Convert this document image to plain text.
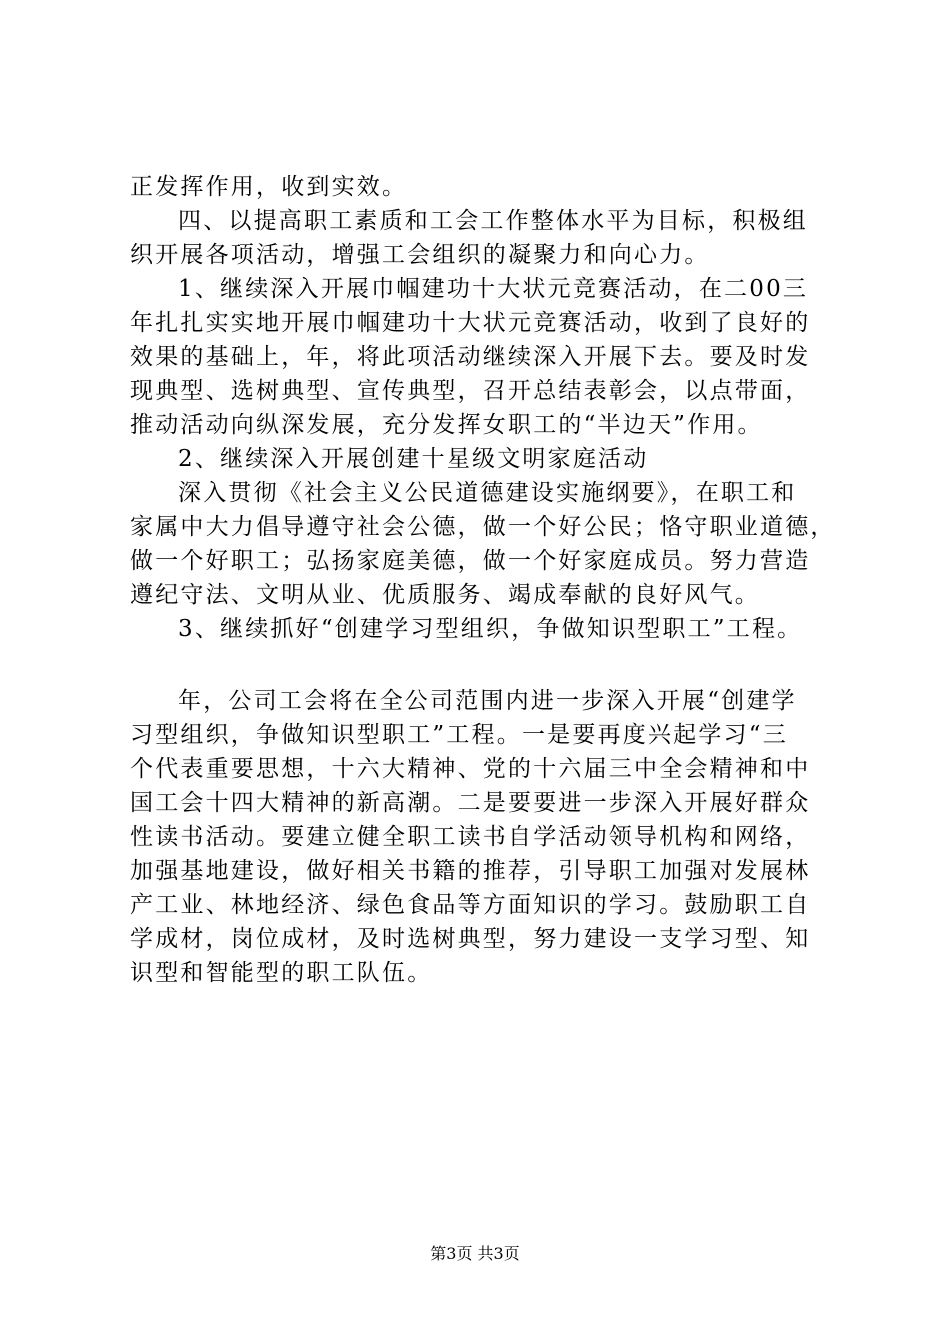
正发挥作用，收到实效。
四、以提高职工素质和工会工作整体水平为目标，积极组
织开展各项活动，增强工会组织的凝聚力和向心力。
1、继续深入开展巾帼建功十大状元竞赛活动，在二00三
年扎扎实实地开展巾帼建功十大状元竞赛活动，收到了良好的
效果的基础上，年，将此项活动继续深入开展下去。要及时发
现典型、选树典型、宣传典型，召开总结表彰会，以点带面，
推动活动向纵深发展，充分发挥女职工的“半边天”作用。
2、继续深入开展创建十星级文明家庭活动
深入贯彻《社会主义公民道德建设实施纲要》，在职工和
家属中大力倡导遵守社会公德，做一个好公民；恪守职业道德，
做一个好职工；弘扬家庭美德，做一个好家庭成员。努力营造
遵纪守法、文明从业、优质服务、竭成奉献的良好风气。
3、继续抓好“创建学习型组织，争做知识型职工”工程。
年，公司工会将在全公司范围内进一步深入开展“创建学
习型组织，争做知识型职工”工程。一是要再度兴起学习“三
个代表重要思想，十六大精神、党的十六届三中全会精神和中
国工会十四大精神的新高潮。二是要要进一步深入开展好群众
性读书活动。要建立健全职工读书自学活动领导机构和网络，
加强基地建设，做好相关书籍的推荐，引导职工加强对发展林
产工业、林地经济、绿色食品等方面知识的学习。鼓励职工自
学成材，岗位成材，及时选树典型，努力建设一支学习型、知
识型和智能型的职工队伍。
第3页 共3页
